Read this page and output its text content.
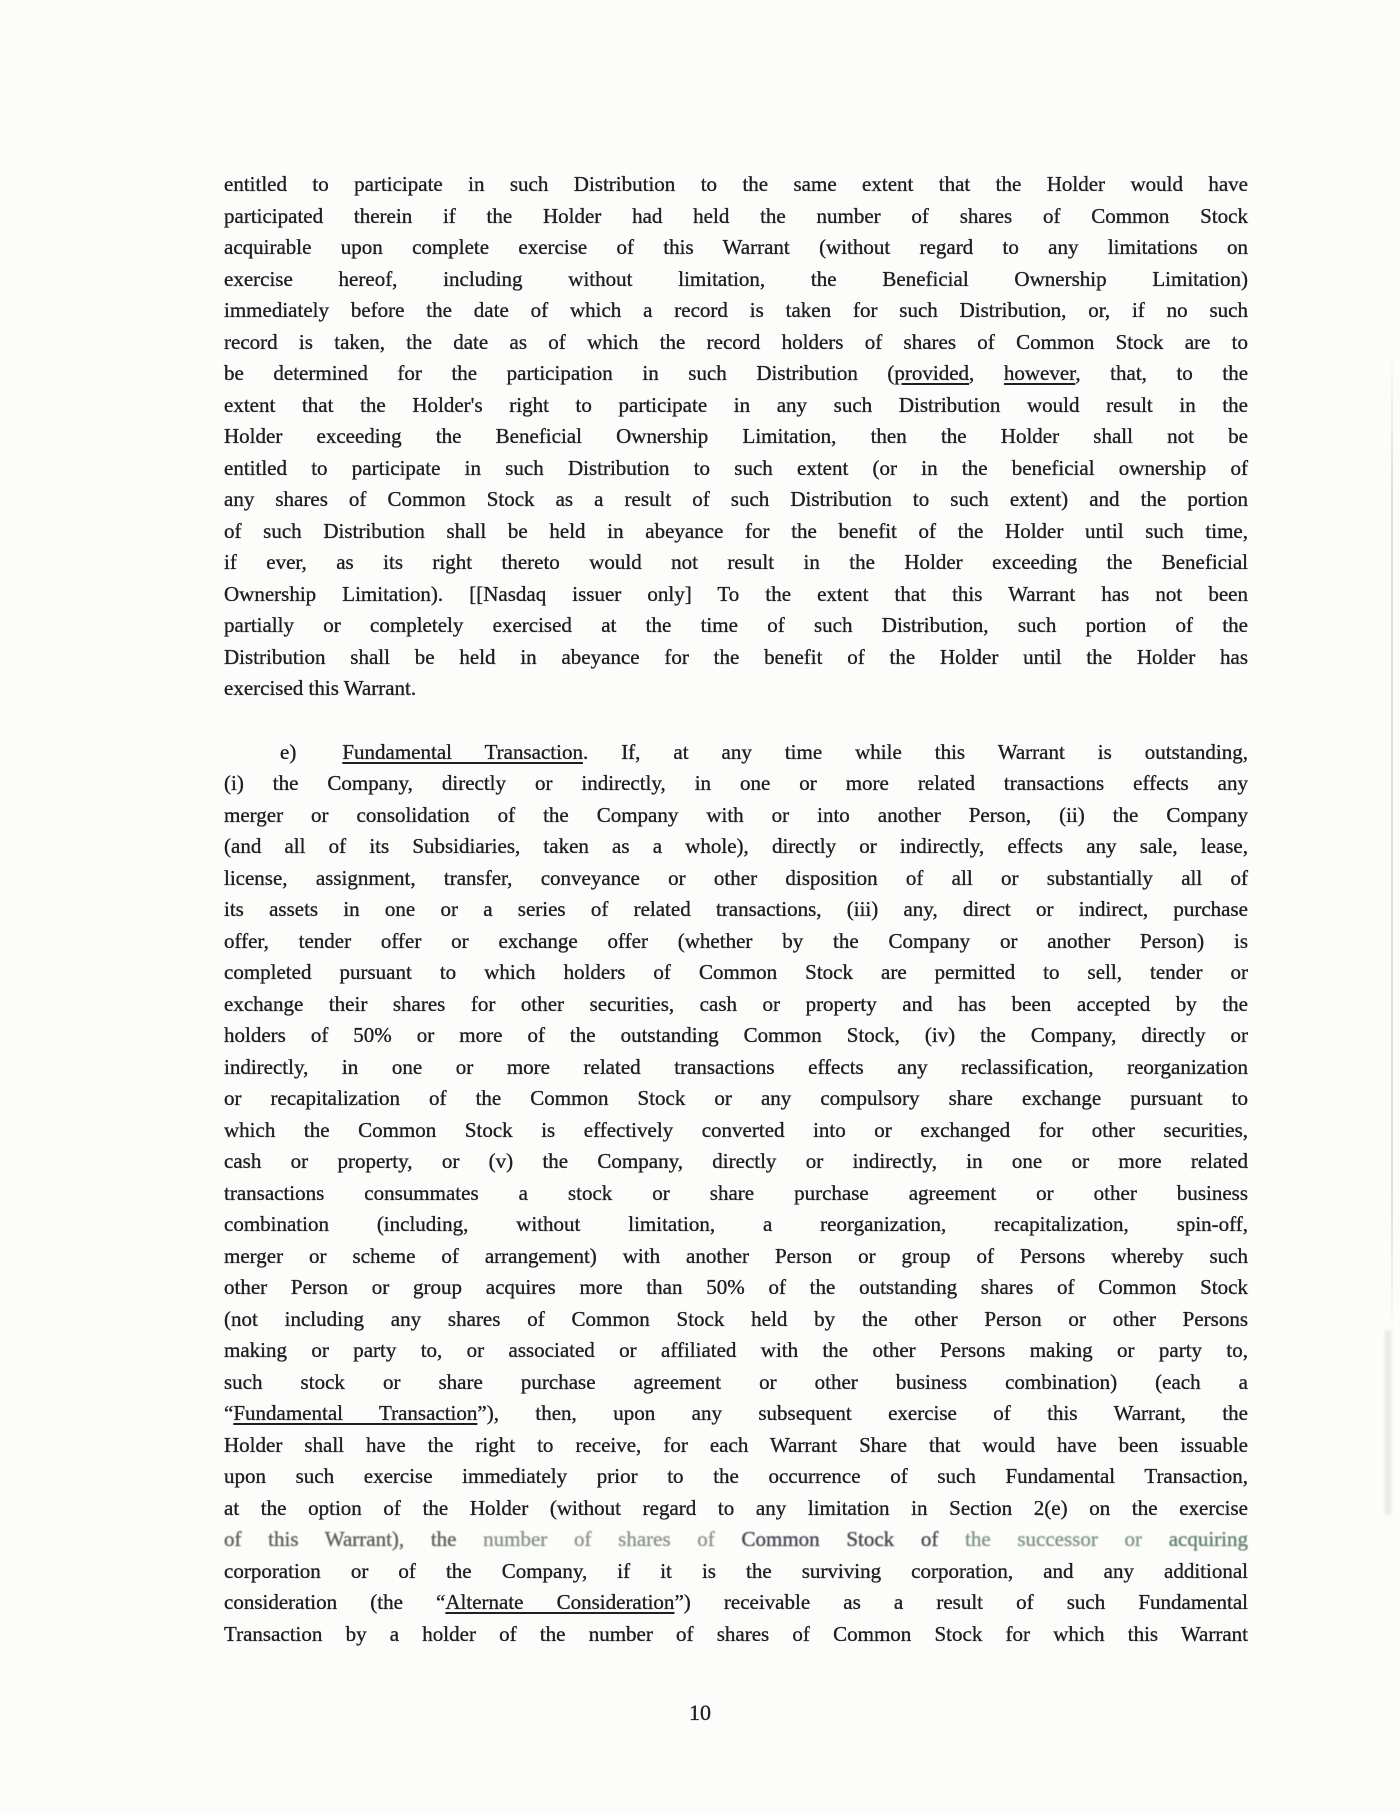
entitled to participate in such Distribution to the same extent that the Holder would have
participated therein if the Holder had held the number of shares of Common Stock
acquirable upon complete exercise of this Warrant (without regard to any limitations on
exercise hereof, including without limitation, the Beneficial Ownership Limitation)
immediately before the date of which a record is taken for such Distribution, or, if no such
record is taken, the date as of which the record holders of shares of Common Stock are to
be determined for the participation in such Distribution (provided, however, that, to the
extent that the Holder's right to participate in any such Distribution would result in the
Holder exceeding the Beneficial Ownership Limitation, then the Holder shall not be
entitled to participate in such Distribution to such extent (or in the beneficial ownership of
any shares of Common Stock as a result of such Distribution to such extent) and the portion
of such Distribution shall be held in abeyance for the benefit of the Holder until such time,
if ever, as its right thereto would not result in the Holder exceeding the Beneficial
Ownership Limitation). [[Nasdaq issuer only] To the extent that this Warrant has not been
partially or completely exercised at the time of such Distribution, such portion of the
Distribution shall be held in abeyance for the benefit of the Holder until the Holder has
exercised this Warrant.
e) Fundamental Transaction. If, at any time while this Warrant is outstanding,
(i) the Company, directly or indirectly, in one or more related transactions effects any
merger or consolidation of the Company with or into another Person, (ii) the Company
(and all of its Subsidiaries, taken as a whole), directly or indirectly, effects any sale, lease,
license, assignment, transfer, conveyance or other disposition of all or substantially all of
its assets in one or a series of related transactions, (iii) any, direct or indirect, purchase
offer, tender offer or exchange offer (whether by the Company or another Person) is
completed pursuant to which holders of Common Stock are permitted to sell, tender or
exchange their shares for other securities, cash or property and has been accepted by the
holders of 50% or more of the outstanding Common Stock, (iv) the Company, directly or
indirectly, in one or more related transactions effects any reclassification, reorganization
or recapitalization of the Common Stock or any compulsory share exchange pursuant to
which the Common Stock is effectively converted into or exchanged for other securities,
cash or property, or (v) the Company, directly or indirectly, in one or more related
transactions consummates a stock or share purchase agreement or other business
combination (including, without limitation, a reorganization, recapitalization, spin-off,
merger or scheme of arrangement) with another Person or group of Persons whereby such
other Person or group acquires more than 50% of the outstanding shares of Common Stock
(not including any shares of Common Stock held by the other Person or other Persons
making or party to, or associated or affiliated with the other Persons making or party to,
such stock or share purchase agreement or other business combination) (each a
“Fundamental Transaction”), then, upon any subsequent exercise of this Warrant, the
Holder shall have the right to receive, for each Warrant Share that would have been issuable
upon such exercise immediately prior to the occurrence of such Fundamental Transaction,
at the option of the Holder (without regard to any limitation in Section 2(e) on the exercise
of this Warrant), the number of shares of Common Stock of the successor or acquiring
corporation or of the Company, if it is the surviving corporation, and any additional
consideration (the “Alternate Consideration”) receivable as a result of such Fundamental
Transaction by a holder of the number of shares of Common Stock for which this Warrant
10
